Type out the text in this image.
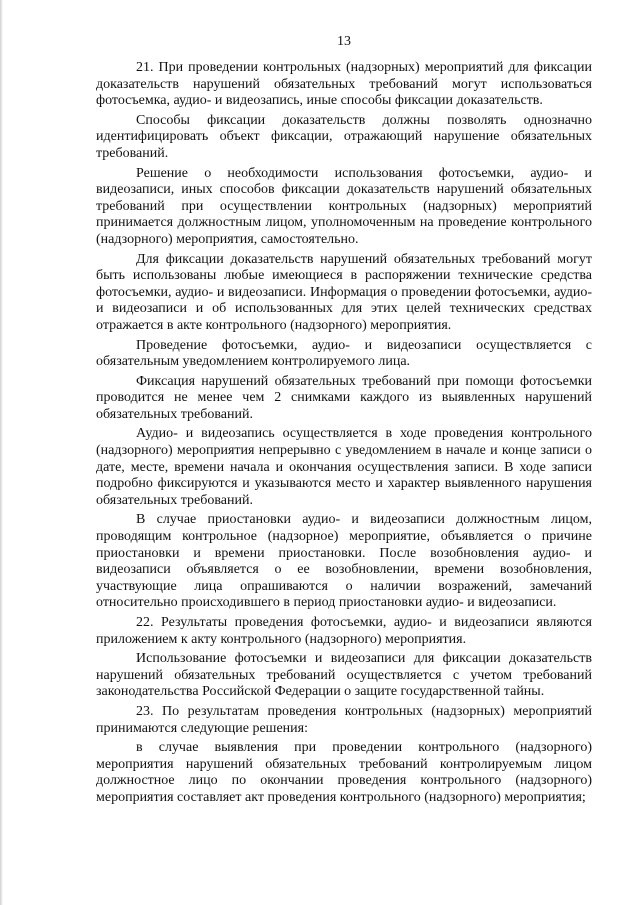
13

21. При проведении контрольных (надзорных) мероприятий для фиксации доказательств нарушений обязательных требований могут использоваться фотосъемка, аудио- и видеозапись, иные способы фиксации доказательств.

Способы фиксации доказательств должны позволять однозначно идентифицировать объект фиксации, отражающий нарушение обязательных требований.

Решение о необходимости использования фотосъемки, аудио- и видеозаписи, иных способов фиксации доказательств нарушений обязательных требований при осуществлении контрольных (надзорных) мероприятий принимается должностным лицом, уполномоченным на проведение контрольного (надзорного) мероприятия, самостоятельно.

Для фиксации доказательств нарушений обязательных требований могут быть использованы любые имеющиеся в распоряжении технические средства фотосъемки, аудио- и видеозаписи. Информация о проведении фотосъемки, аудио- и видеозаписи и об использованных для этих целей технических средствах отражается в акте контрольного (надзорного) мероприятия.

Проведение фотосъемки, аудио- и видеозаписи осуществляется с обязательным уведомлением контролируемого лица.

Фиксация нарушений обязательных требований при помощи фотосъемки проводится не менее чем 2 снимками каждого из выявленных нарушений обязательных требований.

Аудио- и видеозапись осуществляется в ходе проведения контрольного (надзорного) мероприятия непрерывно с уведомлением в начале и конце записи о дате, месте, времени начала и окончания осуществления записи. В ходе записи подробно фиксируются и указываются место и характер выявленного нарушения обязательных требований.

В случае приостановки аудио- и видеозаписи должностным лицом, проводящим контрольное (надзорное) мероприятие, объявляется о причине приостановки и времени приостановки. После возобновления аудио- и видеозаписи объявляется о ее возобновлении, времени возобновления, участвующие лица опрашиваются о наличии возражений, замечаний относительно происходившего в период приостановки аудио- и видеозаписи.

22. Результаты проведения фотосъемки, аудио- и видеозаписи являются приложением к акту контрольного (надзорного) мероприятия.

Использование фотосъемки и видеозаписи для фиксации доказательств нарушений обязательных требований осуществляется с учетом требований законодательства Российской Федерации о защите государственной тайны.

23. По результатам проведения контрольных (надзорных) мероприятий принимаются следующие решения:

в случае выявления при проведении контрольного (надзорного) мероприятия нарушений обязательных требований контролируемым лицом должностное лицо по окончании проведения контрольного (надзорного) мероприятия составляет акт проведения контрольного (надзорного) мероприятия;
